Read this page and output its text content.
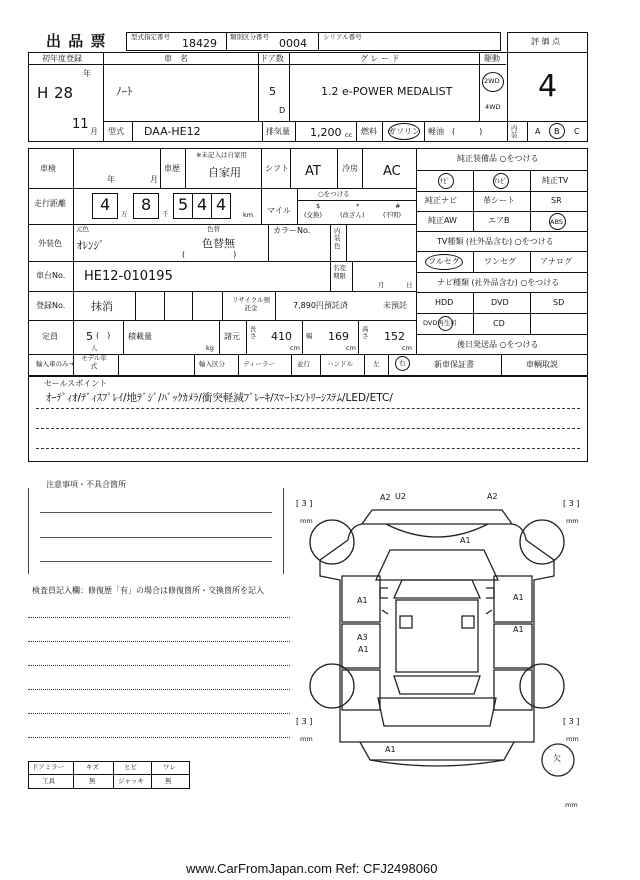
出 品 票	型式指定番号 18429 類別区分番号 0004 シリアル番号	評 価 点
4
初年度登録
H 28
年
11 月
車　名
ﾉｰﾄ
ドア数
5
D
グ レ ー ド
1.2 e-POWER MEDALIST
駆動
2WD
4WD
型式 DAA-HE12	排気量 1,200 cc 燃料 ガソリン 軽油 (　　　)	内装	A B C
車検
年	月
車歴
※未記入は自家用
自家用	シフト AT	冷房 AC
走行距離 4 万 8 千 5 4 4
km マイル
○をつける
$
(交換)
*
(改ざん)
#
(不明)
元色
外装色 ｵﾚﾝｼﾞ
色替
色替無
(　　　　　　)
カラーNo.	内装色
車台No. HE12-010195
名変期限
月	日
登録No. 抹消	リサイクル預託金	7,890円預託済	未預託
定員	5 (　)
人
積載量
kg
諸元
長さ 410
cm
幅 169
cm
高さ 152
cm
輸入車のみ→
モデル年式	輸入区分	ディーラー	並行	ハンドル	左	右
純正装備品 ○をつける
ﾅﾋﾞ	ﾃﾚﾋﾞ	純正TV
純正ナビ	革シート	SR
純正AW	エアB	ABS
TV種類 (社外品含む) ○をつける
フルセグ	ワンセグ	アナログ
ナビ種類 (社外品含む) ○をつける
HDD	DVD	SD
DVD再生可	CD
後日発送品 ○をつける
新車保証書	車輌取説
セールスポイント
ｵｰﾃﾞｨｵ/ﾃﾞｨｽﾌﾟﾚｲ/地ﾃﾞｼﾞ/ﾊﾞｯｸｶﾒﾗ/衝突軽減ﾌﾞﾚｰｷ/ｽﾏｰﾄｴﾝﾄﾘｰｼｽﾃﾑ/LED/ETC/
注意事項・不具合箇所
検査員記入欄：修復歴「有」の場合は修復箇所・交換箇所を記入
ドアミラー	キズ	ヒビ	ワレ
工具	無	ジャッキ	無
A2 U2	A2
A1
A1
A3
A1
A1
A1
A1
[ 3 ]
mm
[ 3 ]
mm
[ 3 ]
mm
[ 3 ]
mm
欠
mm
www.CarFromJapan.com Ref: CFJ2498060
